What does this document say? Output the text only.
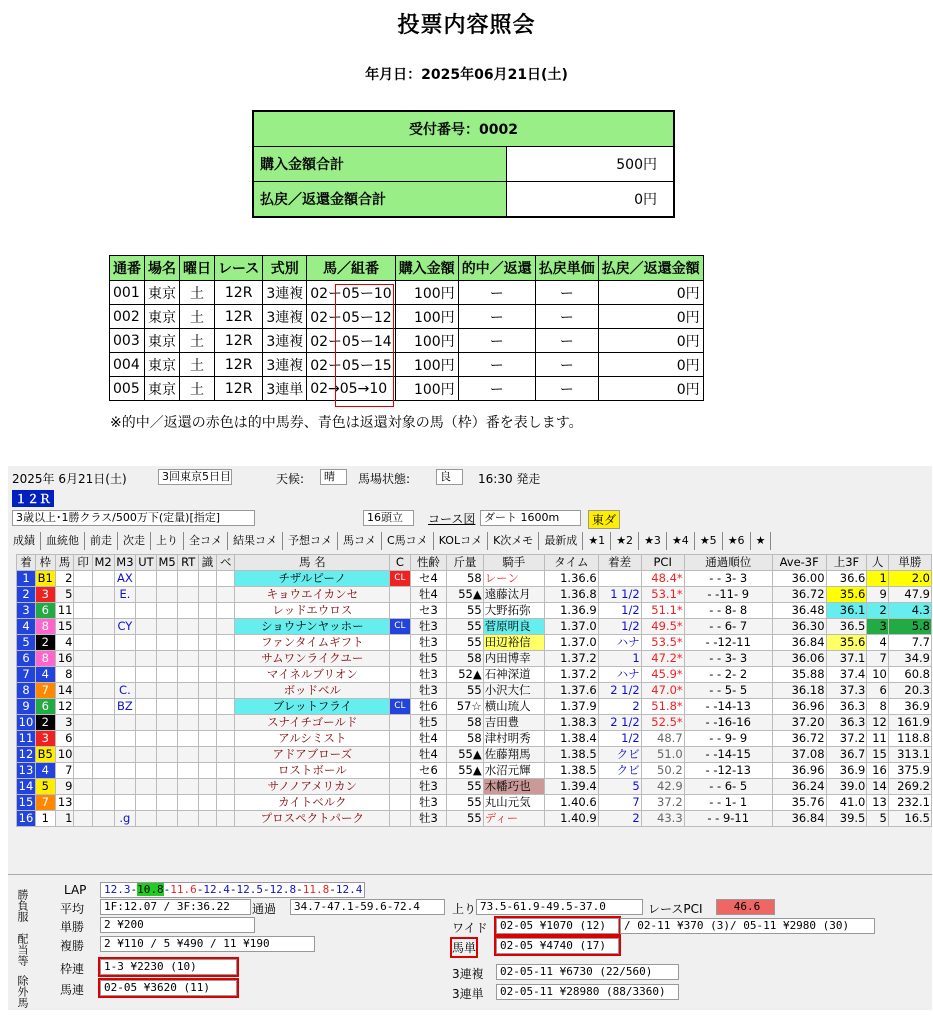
投票内容照会
年月日：2025年06月21日(土)
受付番号：0002	
購入金額合計	500円
払戻／返還金額合計	0円
通番	場名	曜日	レース	式別	馬／組番	購入金額	的中／返還	払戻単価	払戻／返還金額
001	東京	土	12R	3連複	02ー05ー10	100円	ー	ー	0円
002	東京	土	12R	3連複	02ー05ー12	100円	ー	ー	0円
003	東京	土	12R	3連複	02ー05ー14	100円	ー	ー	0円
004	東京	土	12R	3連複	02ー05ー15	100円	ー	ー	0円
005	東京	土	12R	3連単	02→05→10	100円	ー	ー	0円
※的中／返還の赤色は的中馬券、青色は返還対象の馬（枠）番を表します。
2025年 6月21日(土)	3回東京5日目	天候:	晴	馬場状態:	良	16:30 発走
１２Ｒ
3歳以上･1勝クラス/500万下(定量)[指定]	16頭立	コース図 ダート 1600m	東ダ
成績 血統他 前走 次走 上り 全コメ 結果コメ 予想コメ 馬コメ C馬コメ KOLコメ K次メモ 最新成 ★1 ★2 ★3 ★4 ★5 ★6 ★
着	枠	馬	印	M2	M3	UT	M5	RT	識	ベ	馬 名	C	性齢	斤量	騎手	タイム	着差	PCI	通過順位	Ave-3F	上3F	人	単勝
1	B1	2			AX						チザルピーノ	CL	セ4	58	レーン	1.36.6		48.4*	- - 3- 3	36.00	36.6	1	2.0
2	3	5			E.						キョウエイカンセ		牡4	55▲	遠藤汰月	1.36.8	1 1/2	53.1*	- -11- 9	36.72	35.6	9	47.9
3	6	11									レッドエウロス		セ3	55	大野拓弥	1.36.9	1/2	51.1*	- - 8- 8	36.48	36.1	2	4.3
4	8	15			CY						ショウナンヤッホー	CL	牡3	55	菅原明良	1.37.0	1/2	49.5*	- - 6- 7	36.30	36.5	3	5.8
5	2	4									ファンタイムギフト		牡3	55	田辺裕信	1.37.0	ハナ	53.5*	- -12-11	36.84	35.6	4	7.7
6	8	16									サムワンライクユー		牡5	58	内田博幸	1.37.2	1	47.2*	- - 3- 3	36.06	37.1	7	34.9
7	4	8									マイネルブリオン		牡3	52▲	石神深道	1.37.2	ハナ	45.9*	- - 2- 2	35.88	37.4	10	60.8
8	7	14			C.						ボッドベル		牡3	55	小沢大仁	1.37.6	2 1/2	47.0*	- - 5- 5	36.18	37.3	6	20.3
9	6	12			BZ						ブレットフライ	CL	牡6	57☆	横山琉人	1.37.9	2	51.8*	- -14-13	36.96	36.3	8	36.9
10	2	3									スナイチゴールド		牡5	58	吉田豊	1.38.3	2 1/2	52.5*	- -16-16	37.20	36.3	12	161.9
11	3	6									アルシミスト		牡4	58	津村明秀	1.38.4	1/2	48.7	- - 9- 9	36.72	37.2	11	118.8
12	B5	10									アドアブローズ		牡4	55▲	佐藤翔馬	1.38.5	クビ	51.0	- -14-15	37.08	36.7	15	313.1
13	4	7									ロストボール		セ6	55▲	水沼元輝	1.38.5	クビ	50.2	- -12-13	36.96	36.9	16	375.9
14	5	9									サノノアメリカン		牡3	55	木幡巧也	1.39.4	5	42.9	- - 6- 5	36.24	39.0	14	269.2
15	7	13									カイトベルク		牡3	55	丸山元気	1.40.6	7	37.2	- - 1- 1	35.76	41.0	13	232.1
16	1	1			.g						プロスペクトパーク		牡3	55	ディー	1.40.9	2	43.3	- - 9-11	36.84	39.5	5	16.5
勝負服
配当等
除外馬
LAP	12.3-10.8-11.6-12.4-12.5-12.8-11.8-12.4
平均	1F:12.07 / 3F:36.22	通過	34.7-47.1-59.6-72.4	上り 73.5-61.9-49.5-37.0	レースPCI	46.6
単勝	2 ¥200
複勝	2 ¥110 / 5 ¥490 / 11 ¥190
枠連	1-3 ¥2230 (10)
馬連	02-05 ¥3620 (11)
ワイド	02-05 ¥1070 (12)	/ 02-11 ¥370 (3)/ 05-11 ¥2980 (30)
馬単	02-05 ¥4740 (17)
3連複	02-05-11 ¥6730 (22/560)
3連単	02-05-11 ¥28980 (88/3360)
